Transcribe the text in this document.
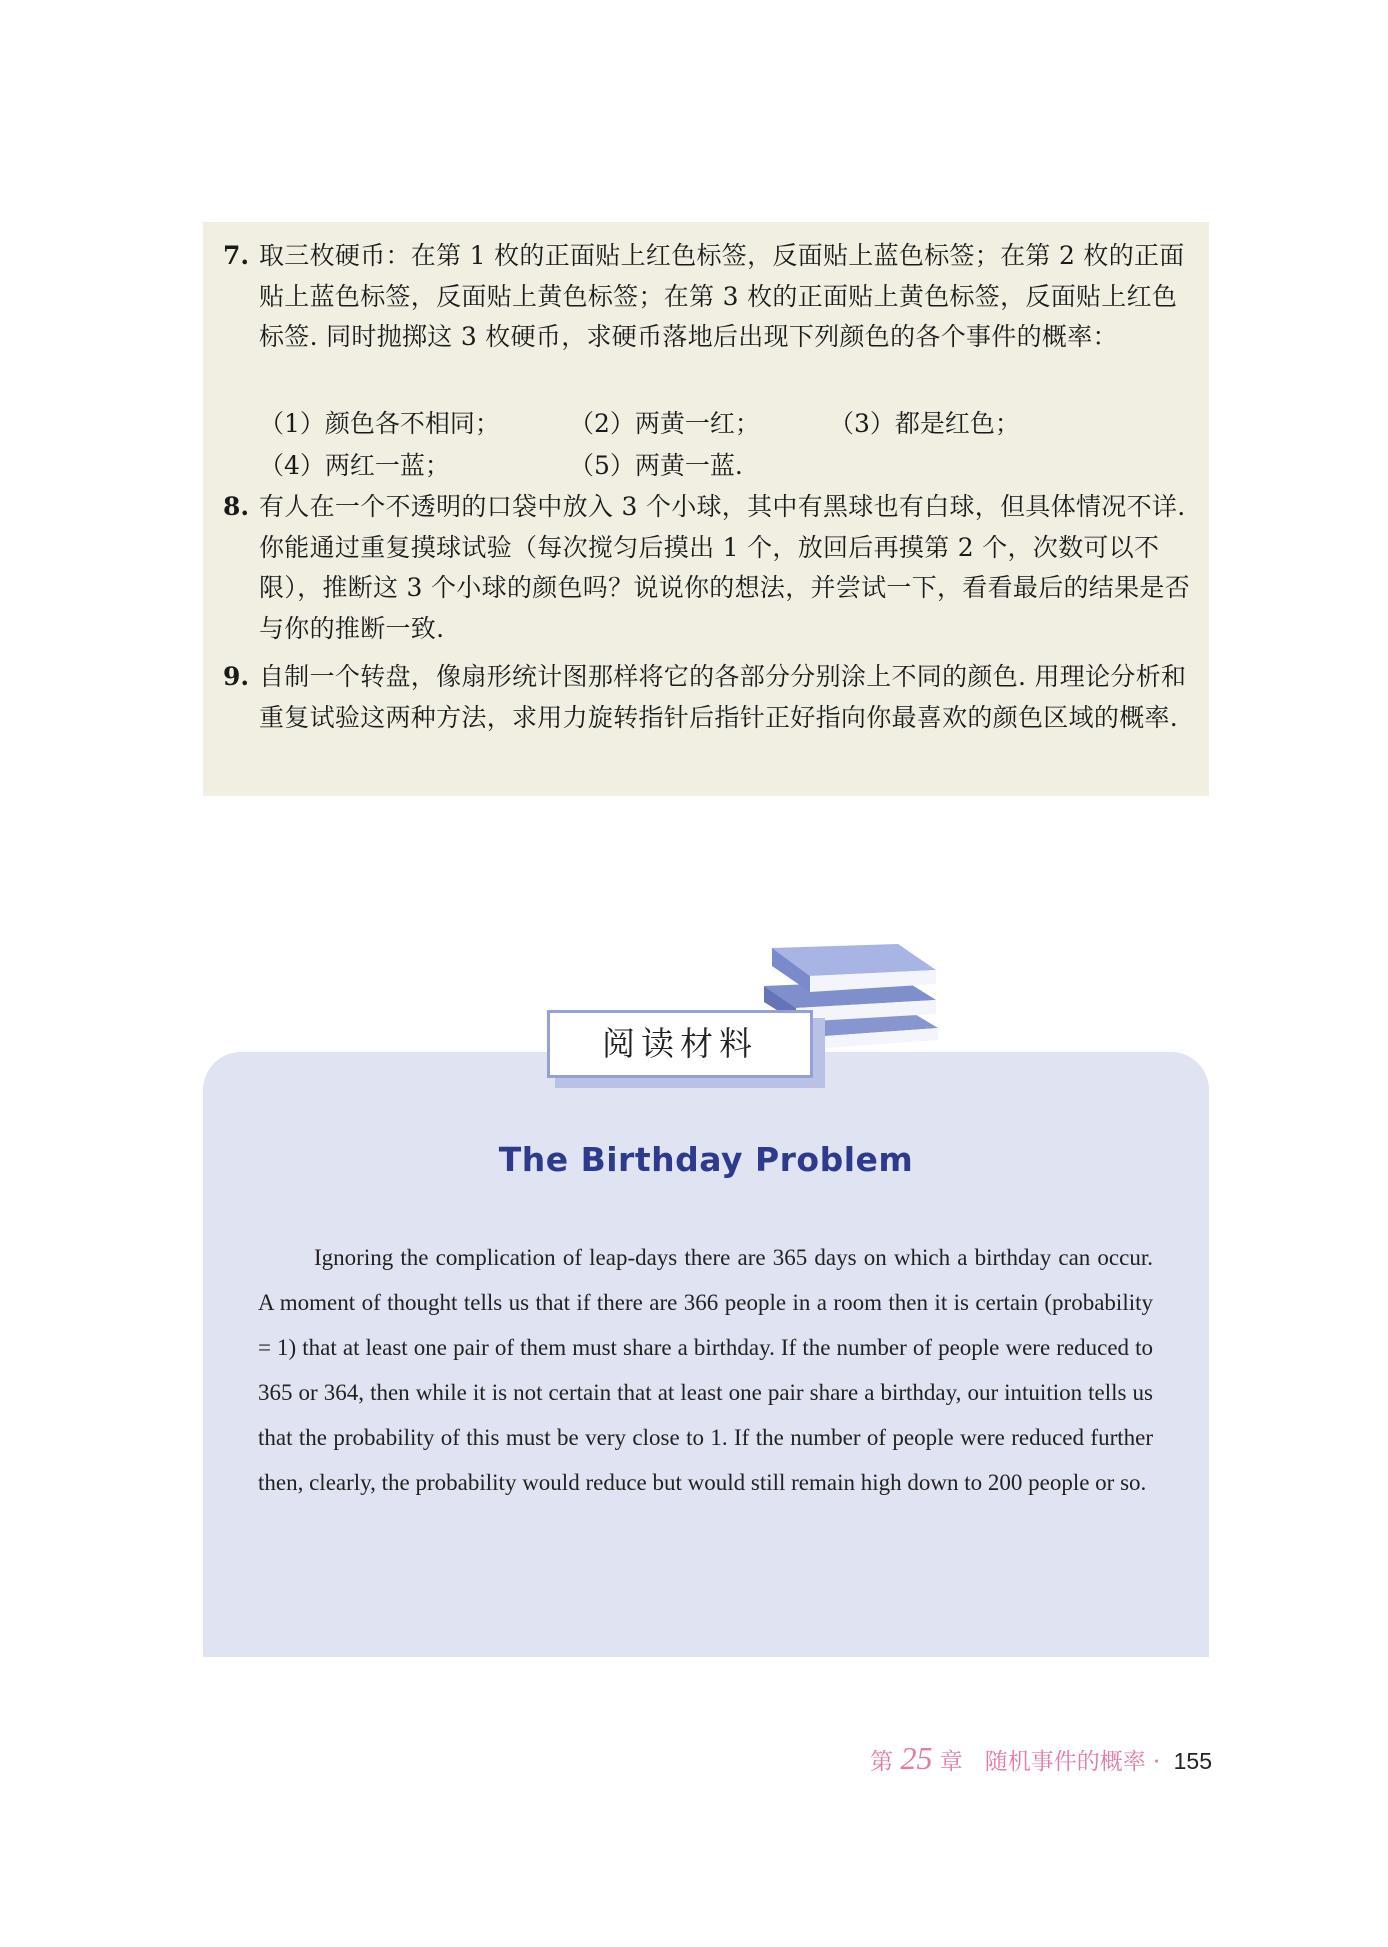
7. 取三枚硬币：在第 1 枚的正面贴上红色标签，反面贴上蓝色标签；在第 2 枚的正面贴上蓝色标签，反面贴上黄色标签；在第 3 枚的正面贴上黄色标签，反面贴上红色标签. 同时抛掷这 3 枚硬币，求硬币落地后出现下列颜色的各个事件的概率：
（1）颜色各不相同；	（2）两黄一红；	（3）都是红色；
（4）两红一蓝；	（5）两黄一蓝.
8. 有人在一个不透明的口袋中放入 3 个小球，其中有黑球也有白球，但具体情况不详. 你能通过重复摸球试验（每次搅匀后摸出 1 个，放回后再摸第 2 个，次数可以不限），推断这 3 个小球的颜色吗？说说你的想法，并尝试一下，看看最后的结果是否与你的推断一致.
9. 自制一个转盘，像扇形统计图那样将它的各部分分别涂上不同的颜色. 用理论分析和重复试验这两种方法，求用力旋转指针后指针正好指向你最喜欢的颜色区域的概率.
阅读材料
The Birthday Problem
Ignoring the complication of leap-days there are 365 days on which a birthday can occur. A moment of thought tells us that if there are 366 people in a room then it is certain (probability = 1) that at least one pair of them must share a birthday. If the number of people were reduced to 365 or 364, then while it is not certain that at least one pair share a birthday, our intuition tells us that the probability of this must be very close to 1. If the number of people were reduced further then, clearly, the probability would reduce but would still remain high down to 200 people or so.
第 25 章 随机事件的概率 · 155
